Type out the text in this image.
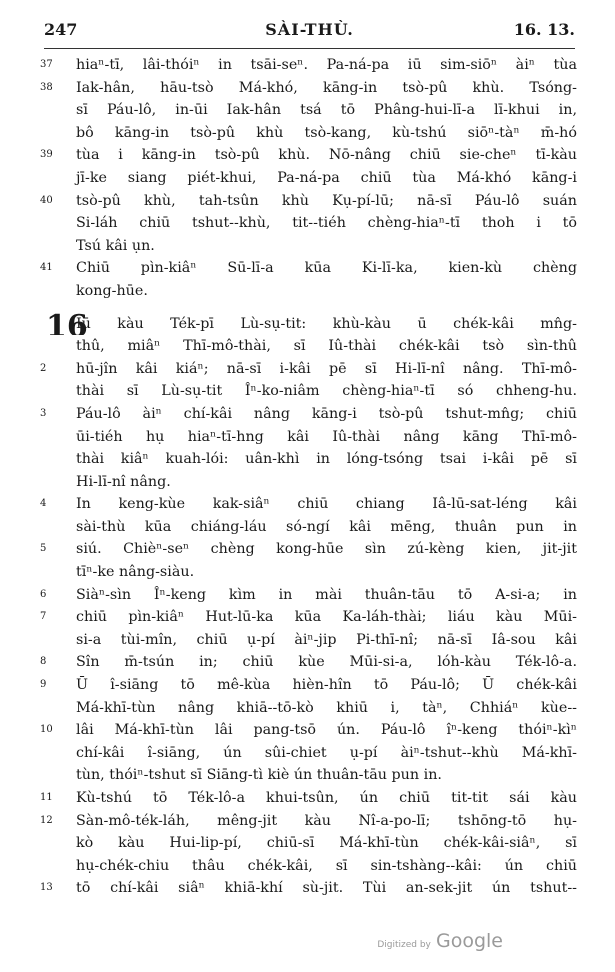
247	SÀI-THÙ.	16. 13.
37	hiaⁿ-tī, lâi-thóiⁿ in tsāi-seⁿ. Pa-ná-pa iū sim-siōⁿ àiⁿ tùa
38	Iak-hân, hāu-tsò Má-khó, kāng-in tsò-pû khù. Tsóng-
sī Páu-lô, in-ūi Iak-hân tsá tō Phâng-hui-lī-a lī-khui in,
bô kāng-in tsò-pû khù tsò-kang, kù-tshú siōⁿ-tàⁿ m̄-hó
39	tùa i kāng-in tsò-pû khù. Nō-nâng chiū sie-cheⁿ tī-kàu
jī-ke siang piét-khui, Pa-ná-pa chiū tùa Má-khó kāng-i
40	tsò-pû khù, tah-tsûn khù Kụ-pí-lū; nā-sī Páu-lô suán
Si-láh chiū tshut--khù, tit--tiéh chèng-hiaⁿ-tī thoh i tō
Tsú kâi ụn.
41	Chiū pìn-kiâⁿ Sū-lī-a kūa Ki-lī-ka, kien-kù chèng
kong-hūe.
16
Iū kàu Ték-pī Lù-sụ-tit: khù-kàu ū chék-kâi mn̂g-
thû, miâⁿ Thī-mô-thài, sī Iû-thài chék-kâi tsò sìn-thû
2	hū-jîn kâi kiáⁿ; nā-sī i-kâi pē sī Hi-lī-nî nâng. Thī-mô-
thài sī Lù-sụ-tit Îⁿ-ko-niâm chèng-hiaⁿ-tī só chheng-hu.
3	Páu-lô àiⁿ chí-kâi nâng kāng-i tsò-pû tshut-mn̂g; chiū
ūi-tiéh hụ hiaⁿ-tī-hng kâi Iû-thài nâng kāng Thī-mô-
thài kiâⁿ kuah-lói: uân-khì in lóng-tsóng tsai i-kâi pē sī
Hi-lī-nî nâng.
4	In keng-kùe kak-siâⁿ chiū chiang Iâ-lū-sat-léng kâi
sài-thù kūa chiáng-láu só-ngí kâi mēng, thuân pun in
5	siú. Chièⁿ-seⁿ chèng kong-hūe sìn zú-kèng kien, jit-jit
tīⁿ-ke nâng-siàu.
6	Siàⁿ-sìn Îⁿ-keng kìm in mài thuân-tāu tō A-si-a; in
7	chiū pìn-kiâⁿ Hut-lū-ka kūa Ka-láh-thài; liáu kàu Mūi-
si-a tùi-mîn, chiū ụ-pí àiⁿ-jip Pi-thī-nî; nā-sī Iâ-sou kâi
8	Sîn m̄-tsún in; chiū kùe Mūi-si-a, lóh-kàu Ték-lô-a.
9	Ū î-siāng tō mê-kùa hièn-hîn tō Páu-lô; Ū chék-kâi
Má-khī-tùn nâng khiā--tō-kò khiū i, tàⁿ, Chhiáⁿ kùe--
10	lâi Má-khī-tùn lâi pang-tsō ún. Páu-lô îⁿ-keng thóiⁿ-kìⁿ
chí-kâi î-siāng, ún sûi-chiet ụ-pí àiⁿ-tshut--khù Má-khī-
tùn, thóiⁿ-tshut sī Siāng-tì kiè ún thuân-tāu pun in.
11	Kù-tshú tō Ték-lô-a khui-tsûn, ún chiū tit-tit sái kàu
12	Sàn-mô-ték-láh, mêng-jit kàu Nî-a-po-lī; tshōng-tō hụ-
kò kàu Hui-lip-pí, chiū-sī Má-khī-tùn chék-kâi-siâⁿ, sī
hụ-chék-chiu thâu chék-kâi, sī sin-tshàng--kâi: ún chiū
13	tō chí-kâi siâⁿ khiā-khí sù-jit. Tùi an-sek-jit ún tshut--
Digitized by Google
